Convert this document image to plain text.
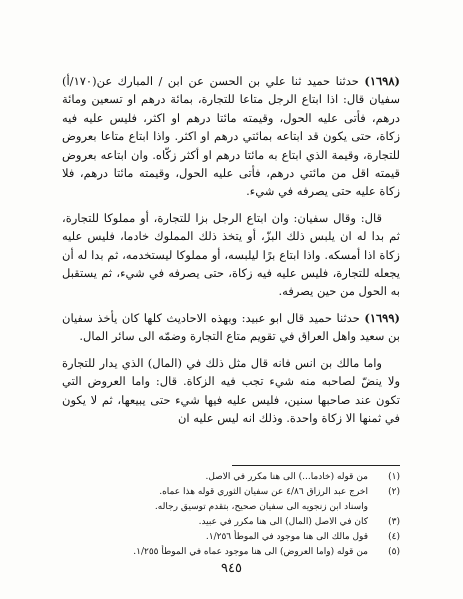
(١٦٩٨) حدثنا حميد ثنا علي بن الحسن عن ابن / المبارك عن(١٧٠/أ) سفيان قال: اذا ابتاع الرجل متاعا للتجارة، بمائة درهم او تسعين ومائة درهم، فأتى عليه الحول، وقيمته مائتا درهم او اكثر، فليس عليه فيه زكاة، حتى يكون قد ابتاعه بمائتي درهم او اكثر. واذا ابتاع متاعا بعروض للتجارة، وقيمة الذي ابتاع به مائتا درهم او أكثر زكّاه. وان ابتاعه بعروض قيمته اقل من مائتي درهم، فأتى عليه الحول، وقيمته مائتا درهم، فلا زكاة عليه حتى يصرفه في شيء.

قال: وقال سفيان: وان ابتاع الرجل بزا للتجارة، أو مملوكا للتجارة، ثم بدا له ان يلبس ذلك البزّ، أو يتخذ ذلك المملوك خادما، فليس عليه زكاة اذا أمسكه. واذا ابتاع برًا ليلبسه، أو مملوكا ليستخدمه، ثم بدا له أن يجعله للتجارة، فليس عليه فيه زكاة، حتى يصرفه في شيء، ثم يستقبل به الحول من حين يصرفه.

(١٦٩٩) حدثنا حميد قال ابو عبيد: وبهذه الاحاديث كلها كان يأخذ سفيان بن سعيد واهل العراق في تقويم متاع التجارة وضمّه الى سائر المال.

واما مالك بن انس فانه قال مثل ذلك في (المال) الذي يدار للتجارة ولا ينضّ لصاحبه منه شيء تجب فيه الزكاة. قال: واما العروض التي تكون عند صاحبها سنين، فليس عليه فيها شيء حتى يبيعها، ثم لا يكون في ثمنها الا زكاة واحدة. وذلك انه ليس عليه ان

(١)
من قوله (خادما...) الى هنا مكرر في الاصل.
(٢)
اخرج عبد الرزاق ٤/٨٦ عن سفيان الثوري قوله هذا عماه.
واسناد ابن زنجويه الى سفيان صحيح، بتقدم توسيق رجاله.
(٣)
كان في الاصل (المال) الى هنا مكرر في عبيد.
(٤)
قول مالك الى هنا موجود في الموطأ ١/٢٥٦.
(٥)
من قوله (واما العروض) الى هنا موجود عماه في الموطأ ١/٢٥٥.
٩٤٥
